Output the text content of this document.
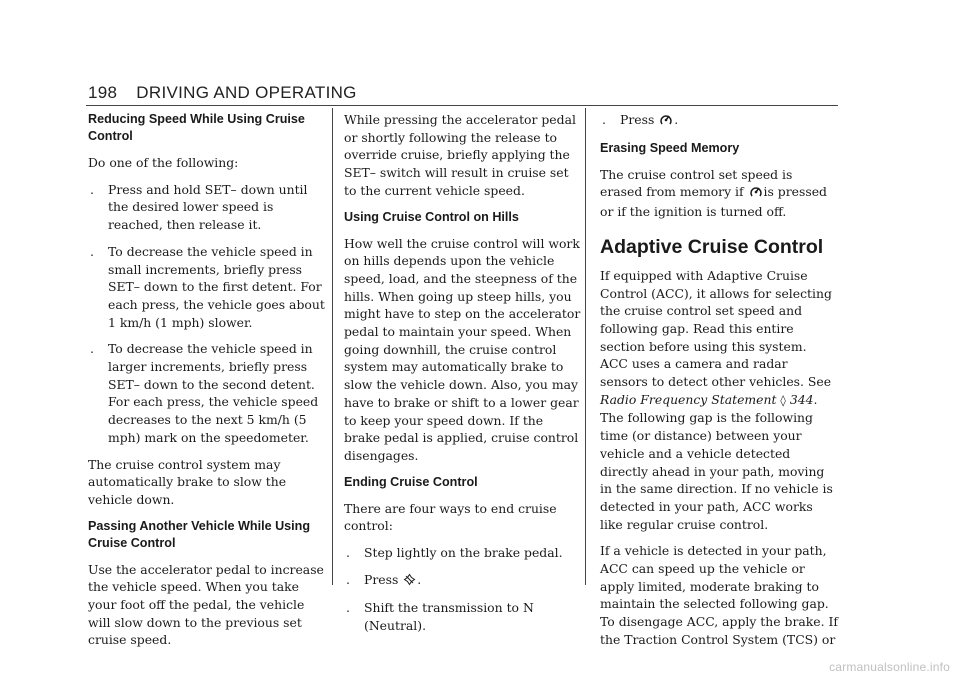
198 DRIVING AND OPERATING
Reducing Speed While Using Cruise Control

Do one of the following:

. Press and hold SET– down until the desired lower speed is reached, then release it.
. To decrease the vehicle speed in small increments, briefly press SET– down to the first detent. For each press, the vehicle goes about 1 km/h (1 mph) slower.
. To decrease the vehicle speed in larger increments, briefly press SET– down to the second detent. For each press, the vehicle speed decreases to the next 5 km/h (5 mph) mark on the speedometer.

The cruise control system may automatically brake to slow the vehicle down.

Passing Another Vehicle While Using Cruise Control

Use the accelerator pedal to increase the vehicle speed. When you take your foot off the pedal, the vehicle will slow down to the previous set cruise speed.

While pressing the accelerator pedal or shortly following the release to override cruise, briefly applying the SET– switch will result in cruise set to the current vehicle speed.

Using Cruise Control on Hills

How well the cruise control will work on hills depends upon the vehicle speed, load, and the steepness of the hills. When going up steep hills, you might have to step on the accelerator pedal to maintain your speed. When going downhill, the cruise control system may automatically brake to slow the vehicle down. Also, you may have to brake or shift to a lower gear to keep your speed down. If the brake pedal is applied, cruise control disengages.

Ending Cruise Control

There are four ways to end cruise control:

. Step lightly on the brake pedal.
. Press .
. Shift the transmission to N (Neutral).
. Press .
Erasing Speed Memory

The cruise control set speed is erased from memory if is pressed or if the ignition is turned off.

Adaptive Cruise Control

If equipped with Adaptive Cruise Control (ACC), it allows for selecting the cruise control set speed and following gap. Read this entire section before using this system. ACC uses a camera and radar sensors to detect other vehicles. See Radio Frequency Statement ◊ 344. The following gap is the following time (or distance) between your vehicle and a vehicle detected directly ahead in your path, moving in the same direction. If no vehicle is detected in your path, ACC works like regular cruise control.

If a vehicle is detected in your path, ACC can speed up the vehicle or apply limited, moderate braking to maintain the selected following gap. To disengage ACC, apply the brake. If the Traction Control System (TCS) or

carmanualsonline.info
